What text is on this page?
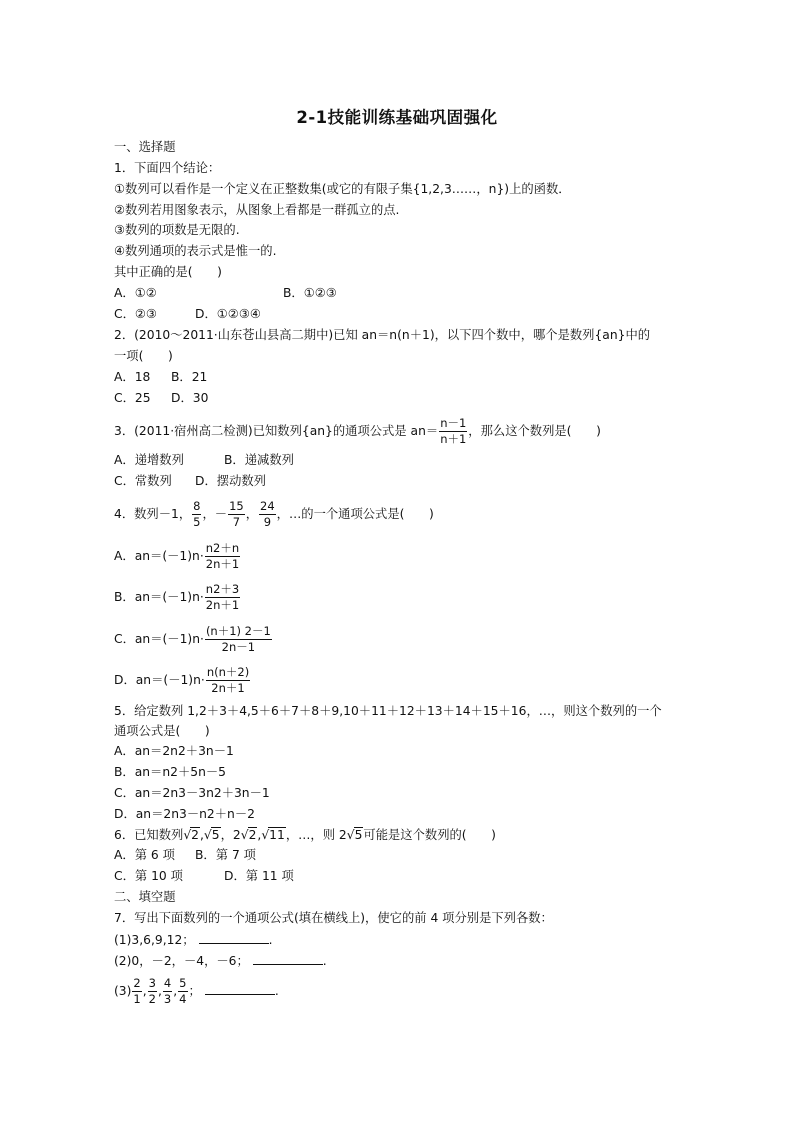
2-1技能训练基础巩固强化
一、选择题
1．下面四个结论：
①数列可以看作是一个定义在正整数集(或它的有限子集{1,2,3……，n})上的函数．
②数列若用图象表示，从图象上看都是一群孤立的点.
③数列的项数是无限的.
④数列通项的表示式是惟一的.
其中正确的是(　　)
A．①②	B．①②③
C．②③	D．①②③④
2．(2010～2011·山东苍山县高二期中)已知 an＝n(n＋1)，以下四个数中，哪个是数列{an}中的
一项(　　)
A．18 B．21
C．25 D．30
3．(2011·宿州高二检测)已知数列{an}的通项公式是 $an= \frac{n-1}{n+1}$ ，那么这个数列是(　　)
A．递增数列	B．递减数列
C．常数列 D．摆动数列
4．数列－1， $\frac{8}{5}$ ，－ $\frac{15}{7}$ ， $\frac{24}{9}$ ，…的一个通项公式是(　　)
A．$an=(-1)n\cdot \frac{n2+n}{2n+1}$
B．$an=(-1)n\cdot \frac{n2+3}{2n+1}$
C．$an=(-1)n\cdot \frac{(n+1) 2-1}{2n-1}$
D．$an=(-1)n\cdot \frac{n(n+2)}{2n+1}$
5．给定数列 1,2＋3＋4,5＋6＋7＋8＋9,10＋11＋12＋13＋14＋15＋16，…，则这个数列的一个
通项公式是(　　)
A．an＝2n2＋3n－1
B．an＝n2＋5n－5
C．an＝2n3－3n2＋3n－1
D．an＝2n3－n2＋n－2
6．已知数列√2,√5，2√2,√11，…，则 2√5可能是这个数列的(　　)
A．第 6 项 B．第 7 项
C．第 10 项	D．第 11 项
二、填空题
7．写出下面数列的一个通项公式(填在横线上)，使它的前 4 项分别是下列各数：
(1)3,6,9,12；	.
(2)0，－2，－4，－6；	.
$(3) \frac{2}{1}$ , $\frac{3}{2}$ , $\frac{4}{3}$ , $\frac{5}{4}$ ；	.
